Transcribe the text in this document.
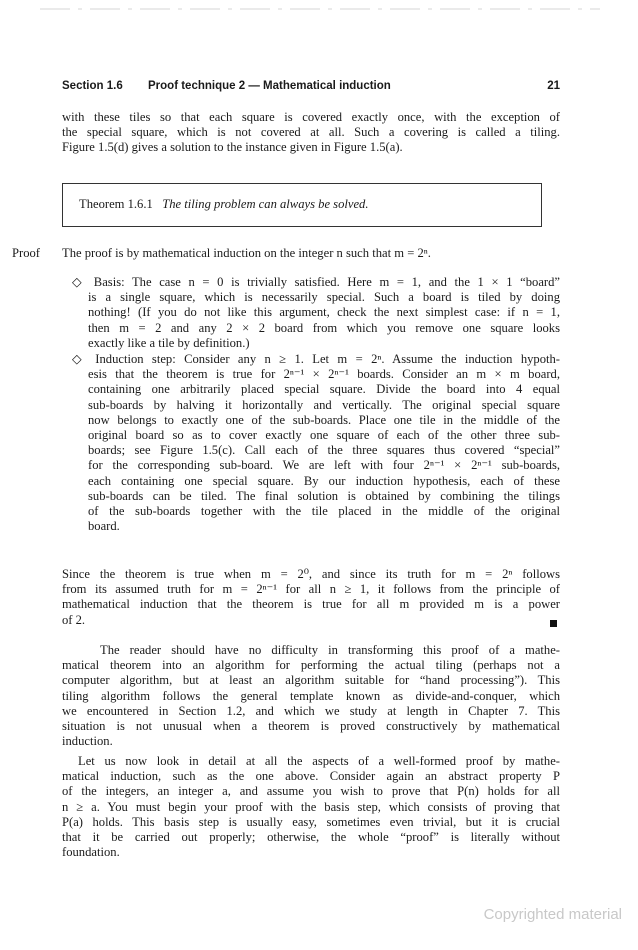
Section 1.6 Proof technique 2 — Mathematical induction	21
with these tiles so that each square is covered exactly once, with the exception of
the special square, which is not covered at all. Such a covering is called a tiling.
Figure 1.5(d) gives a solution to the instance given in Figure 1.5(a).
Theorem 1.6.1 The tiling problem can always be solved.
Proof The proof is by mathematical induction on the integer n such that m = 2ⁿ.
◇ Basis: The case n = 0 is trivially satisfied. Here m = 1, and the 1 × 1 “board”
is a single square, which is necessarily special. Such a board is tiled by doing
nothing! (If you do not like this argument, check the next simplest case: if n = 1,
then m = 2 and any 2 × 2 board from which you remove one square looks
exactly like a tile by definition.)
◇ Induction step: Consider any n ≥ 1. Let m = 2ⁿ. Assume the induction hypoth-
esis that the theorem is true for 2ⁿ⁻¹ × 2ⁿ⁻¹ boards. Consider an m × m board,
containing one arbitrarily placed special square. Divide the board into 4 equal
sub-boards by halving it horizontally and vertically. The original special square
now belongs to exactly one of the sub-boards. Place one tile in the middle of the
original board so as to cover exactly one square of each of the other three sub-
boards; see Figure 1.5(c). Call each of the three squares thus covered “special”
for the corresponding sub-board. We are left with four 2ⁿ⁻¹ × 2ⁿ⁻¹ sub-boards,
each containing one special square. By our induction hypothesis, each of these
sub-boards can be tiled. The final solution is obtained by combining the tilings
of the sub-boards together with the tile placed in the middle of the original
board.
Since the theorem is true when m = 2⁰, and since its truth for m = 2ⁿ follows
from its assumed truth for m = 2ⁿ⁻¹ for all n ≥ 1, it follows from the principle of
mathematical induction that the theorem is true for all m provided m is a power
of 2.
The reader should have no difficulty in transforming this proof of a mathe-
matical theorem into an algorithm for performing the actual tiling (perhaps not a
computer algorithm, but at least an algorithm suitable for “hand processing”). This
tiling algorithm follows the general template known as divide-and-conquer, which
we encountered in Section 1.2, and which we study at length in Chapter 7. This
situation is not unusual when a theorem is proved constructively by mathematical
induction.
Let us now look in detail at all the aspects of a well-formed proof by mathe-
matical induction, such as the one above. Consider again an abstract property P
of the integers, an integer a, and assume you wish to prove that P(n) holds for all
n ≥ a. You must begin your proof with the basis step, which consists of proving that
P(a) holds. This basis step is usually easy, sometimes even trivial, but it is crucial
that it be carried out properly; otherwise, the whole “proof” is literally without
foundation.
Copyrighted material
